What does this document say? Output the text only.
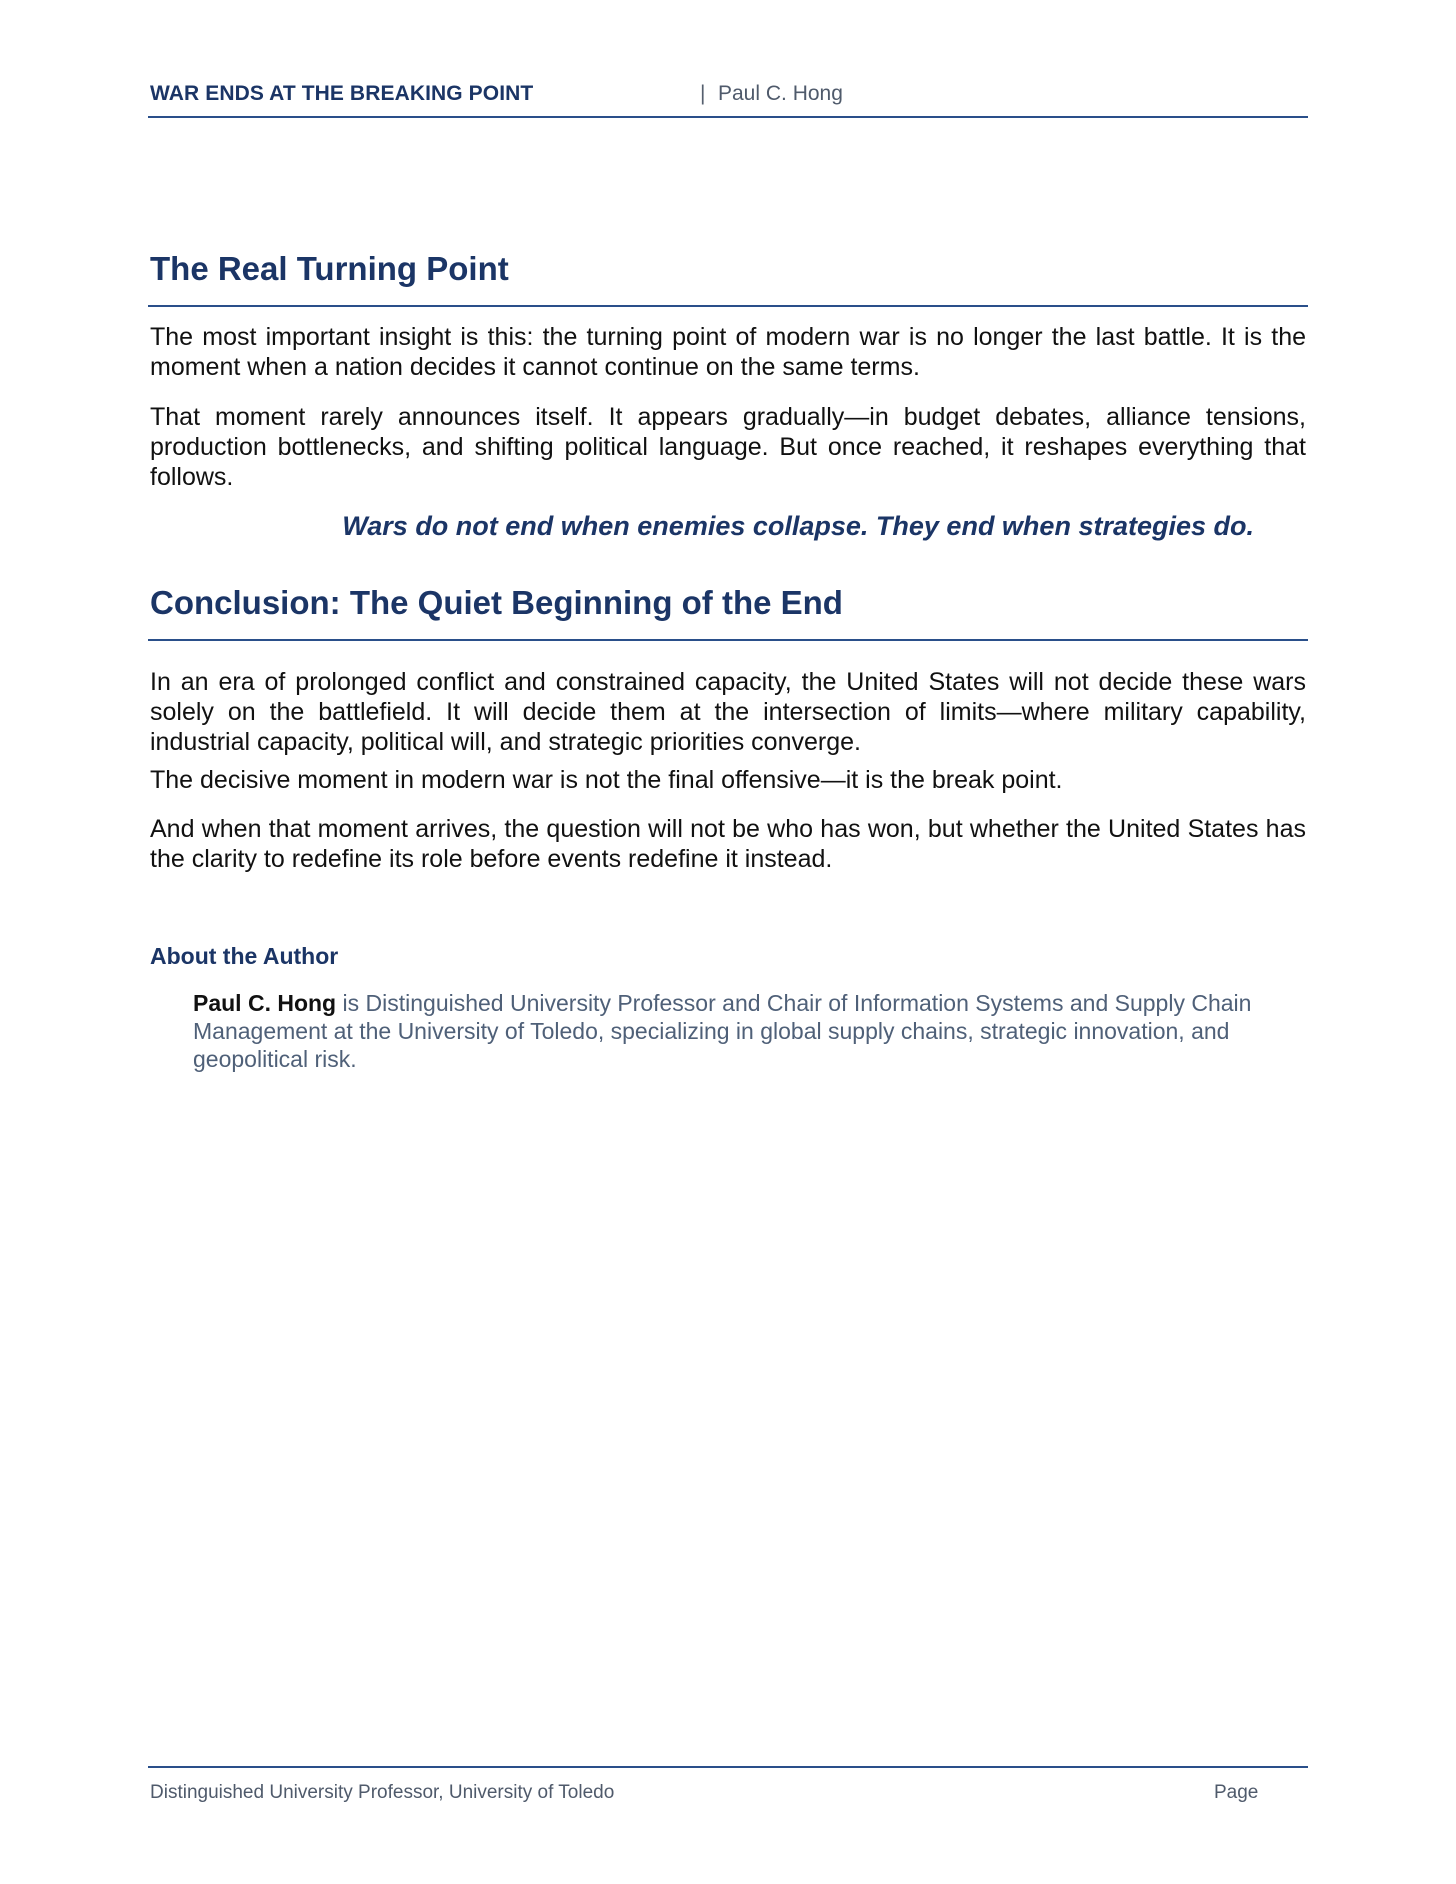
WAR ENDS AT THE BREAKING POINT	| Paul C. Hong
The Real Turning Point

The most important insight is this: the turning point of modern war is no longer the last battle. It is the moment when a nation decides it cannot continue on the same terms.

That moment rarely announces itself. It appears gradually—in budget debates, alliance tensions, production bottlenecks, and shifting political language. But once reached, it reshapes everything that follows.

Wars do not end when enemies collapse. They end when strategies do.
Conclusion: The Quiet Beginning of the End

In an era of prolonged conflict and constrained capacity, the United States will not decide these wars solely on the battlefield. It will decide them at the intersection of limits—where military capability, industrial capacity, political will, and strategic priorities converge.

The decisive moment in modern war is not the final offensive—it is the break point.

And when that moment arrives, the question will not be who has won, but whether the United States has the clarity to redefine its role before events redefine it instead.

About the Author

Paul C. Hong is Distinguished University Professor and Chair of Information Systems and Supply Chain Management at the University of Toledo, specializing in global supply chains, strategic innovation, and geopolitical risk.

Distinguished University Professor, University of Toledo	Page
